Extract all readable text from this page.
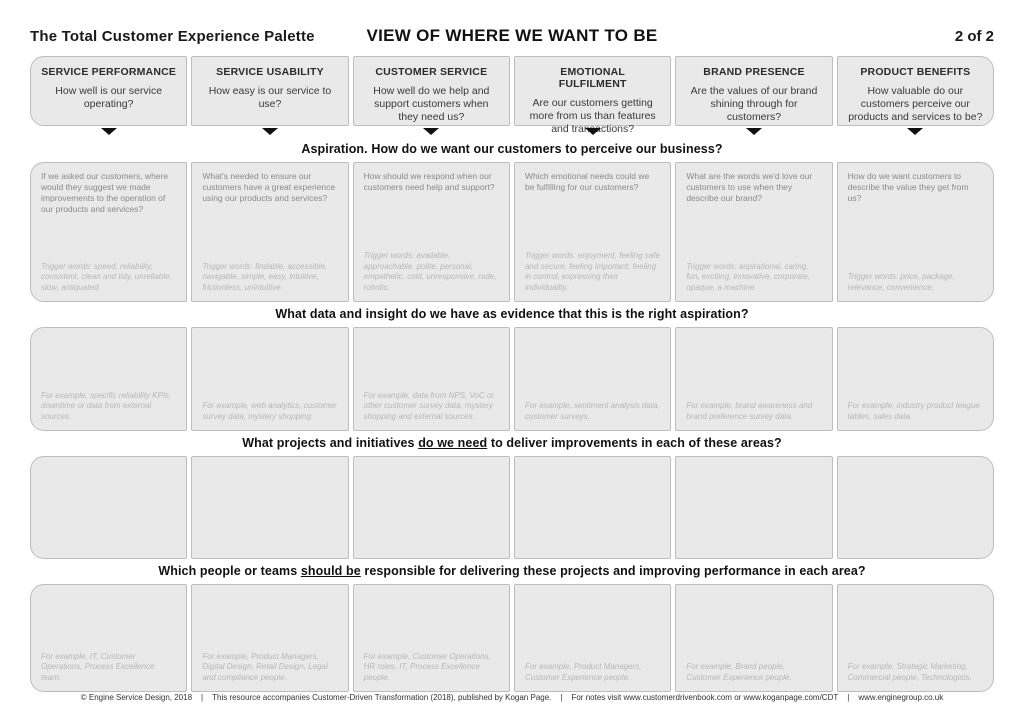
The Total Customer Experience Palette	VIEW OF WHERE WE WANT TO BE	2 of 2
SERVICE PERFORMANCE
How well is our service operating?
SERVICE USABILITY
How easy is our service to use?
CUSTOMER SERVICE
How well do we help and support customers when they need us?
EMOTIONAL FULFILMENT
Are our customers getting more from us than features and transactions?
BRAND PRESENCE
Are the values of our brand shining through for customers?
PRODUCT BENEFITS
How valuable do our customers perceive our products and services to be?
Aspiration. How do we want our customers to perceive our business?
If we asked our customers, where would they suggest we made improvements to the operation of our products and services?
Trigger words: speed, reliability, consistent, clean and tidy, unreliable, slow, antiquated.
What's needed to ensure our customers have a great experience using our products and services?
Trigger words: findable, accessible, navigable, simple, easy, intuitive, frictionless, unintuitive.
How should we respond when our customers need help and support?
Trigger words: available, approachable, polite, personal, empathetic, cold, unresponsive, rude, robotic.
Which emotional needs could we be fulfilling for our customers?
Trigger words: enjoyment, feeling safe and secure, feeling important, feeling in control, expressing their individuality.
What are the words we'd love our customers to use when they describe our brand?
Trigger words: aspirational, caring, fun, exciting, innovative, corporate, opaque, a machine.
How do we want customers to describe the value they get from us?
Trigger words: price, package, relevance, convenience.
What data and insight do we have as evidence that this is the right aspiration?
For example, specific reliability KPIs, downtime or data from external sources.
For example, web analytics, customer survey data, mystery shopping.
For example, data from NPS, VoC or other customer survey data, mystery shopping and external sources.
For example, sentiment analysis data, customer surveys.
For example, brand awareness and brand preference survey data.
For example, industry product league tables, sales data.
What projects and initiatives do we need to deliver improvements in each of these areas?
Which people or teams should be responsible for delivering these projects and improving performance in each area?
For example, IT, Customer Operations, Process Excellence team.
For example, Product Managers, Digital Design, Retail Design, Legal and compliance people.
For example, Customer Operations, HR roles, IT, Process Excellence people.
For example, Product Managers, Customer Experience people.
For example, Brand people, Customer Experience people.
For example, Strategic Marketing, Commercial people, Technologists.
© Engine Service Design, 2018 | This resource accompanies Customer-Driven Transformation (2018), published by Kogan Page. | For notes visit www.customerdrivenbook.com or www.koganpage.com/CDT | www.enginegroup.co.uk
